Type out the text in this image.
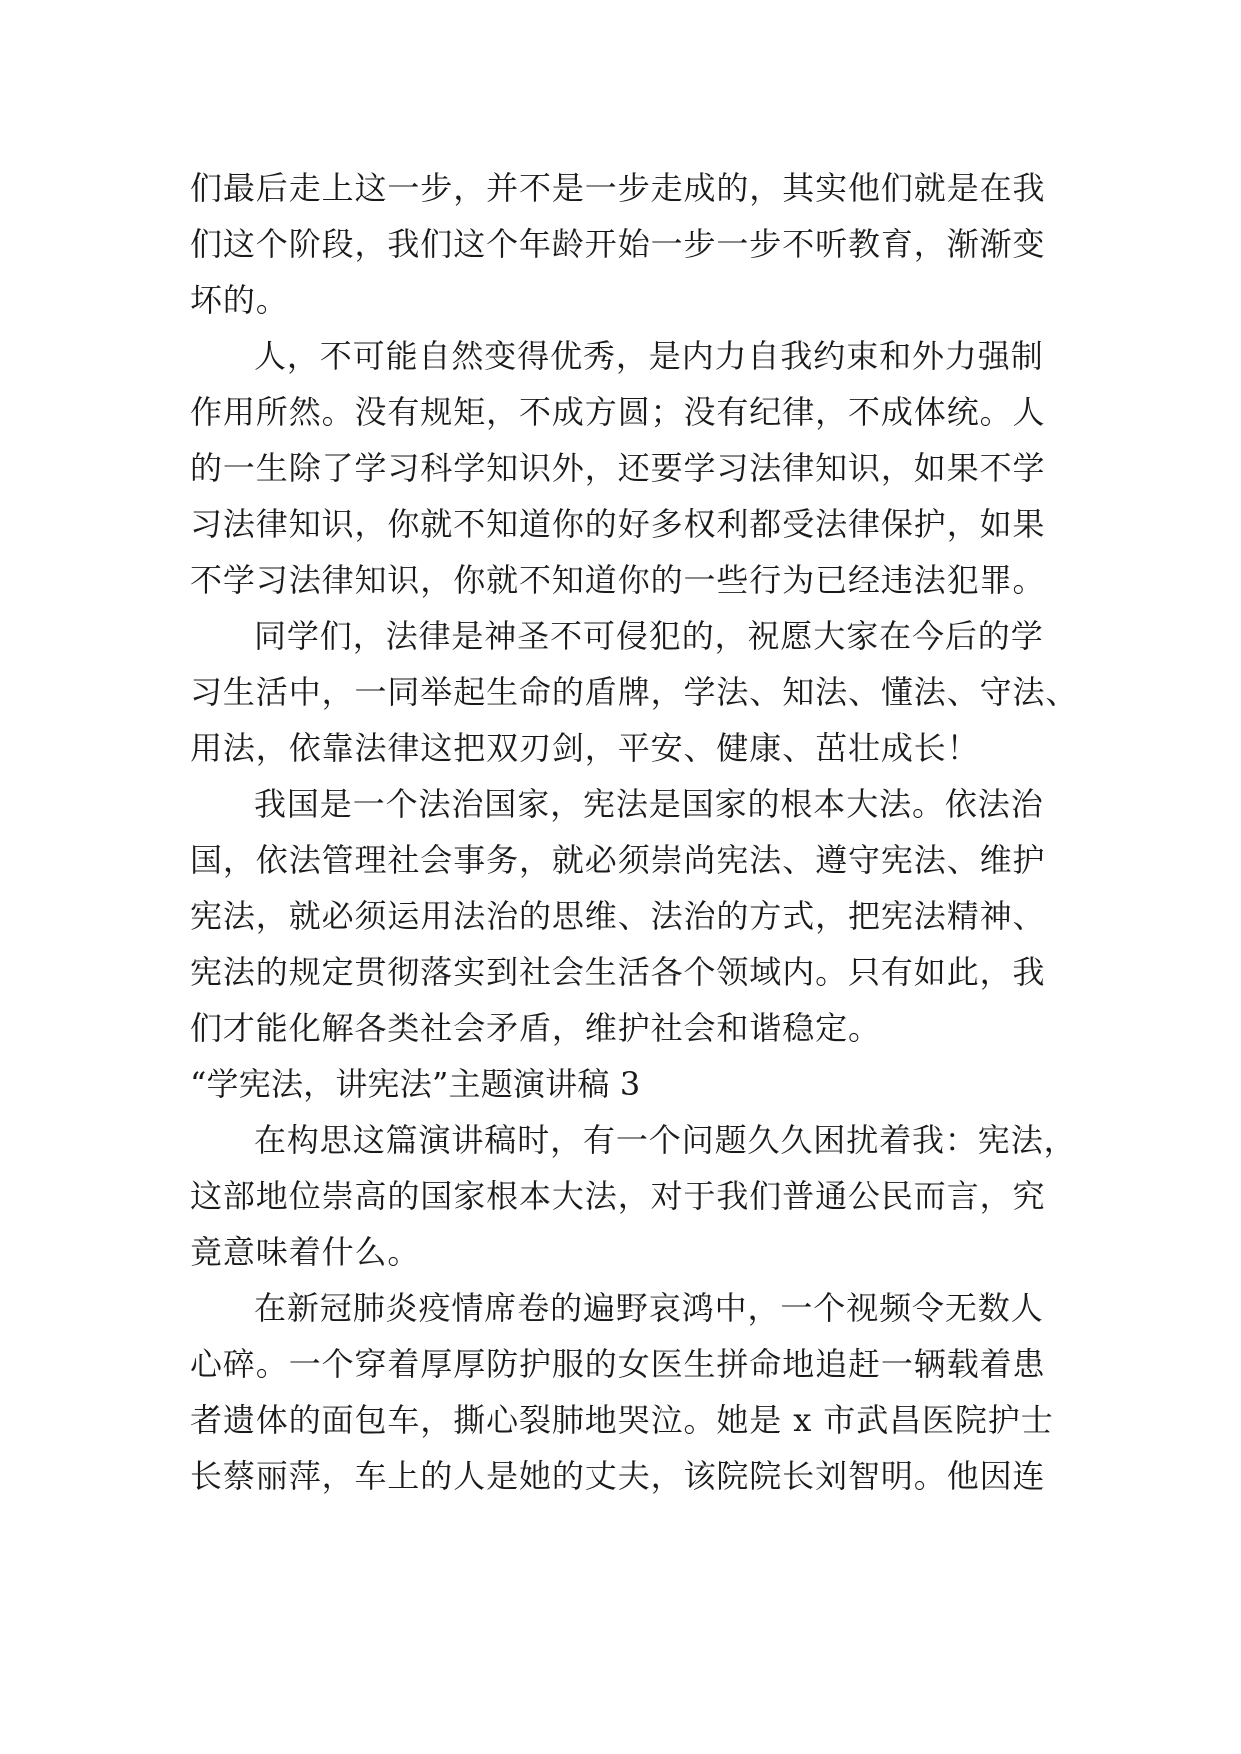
们最后走上这一步，并不是一步走成的，其实他们就是在我
们这个阶段，我们这个年龄开始一步一步不听教育，渐渐变
坏的。
人，不可能自然变得优秀，是内力自我约束和外力强制
作用所然。没有规矩，不成方圆；没有纪律，不成体统。人
的一生除了学习科学知识外，还要学习法律知识，如果不学
习法律知识，你就不知道你的好多权利都受法律保护，如果
不学习法律知识，你就不知道你的一些行为已经违法犯罪。
同学们，法律是神圣不可侵犯的，祝愿大家在今后的学
习生活中，一同举起生命的盾牌，学法、知法、懂法、守法、
用法，依靠法律这把双刃剑，平安、健康、茁壮成长！
我国是一个法治国家，宪法是国家的根本大法。依法治
国，依法管理社会事务，就必须崇尚宪法、遵守宪法、维护
宪法，就必须运用法治的思维、法治的方式，把宪法精神、
宪法的规定贯彻落实到社会生活各个领域内。只有如此，我
们才能化解各类社会矛盾，维护社会和谐稳定。
“学宪法，讲宪法”主题演讲稿 3
在构思这篇演讲稿时，有一个问题久久困扰着我：宪法，
这部地位崇高的国家根本大法，对于我们普通公民而言，究
竟意味着什么。
在新冠肺炎疫情席卷的遍野哀鸿中，一个视频令无数人
心碎。一个穿着厚厚防护服的女医生拼命地追赶一辆载着患
者遗体的面包车，撕心裂肺地哭泣。她是 x 市武昌医院护士
长蔡丽萍，车上的人是她的丈夫，该院院长刘智明。他因连
